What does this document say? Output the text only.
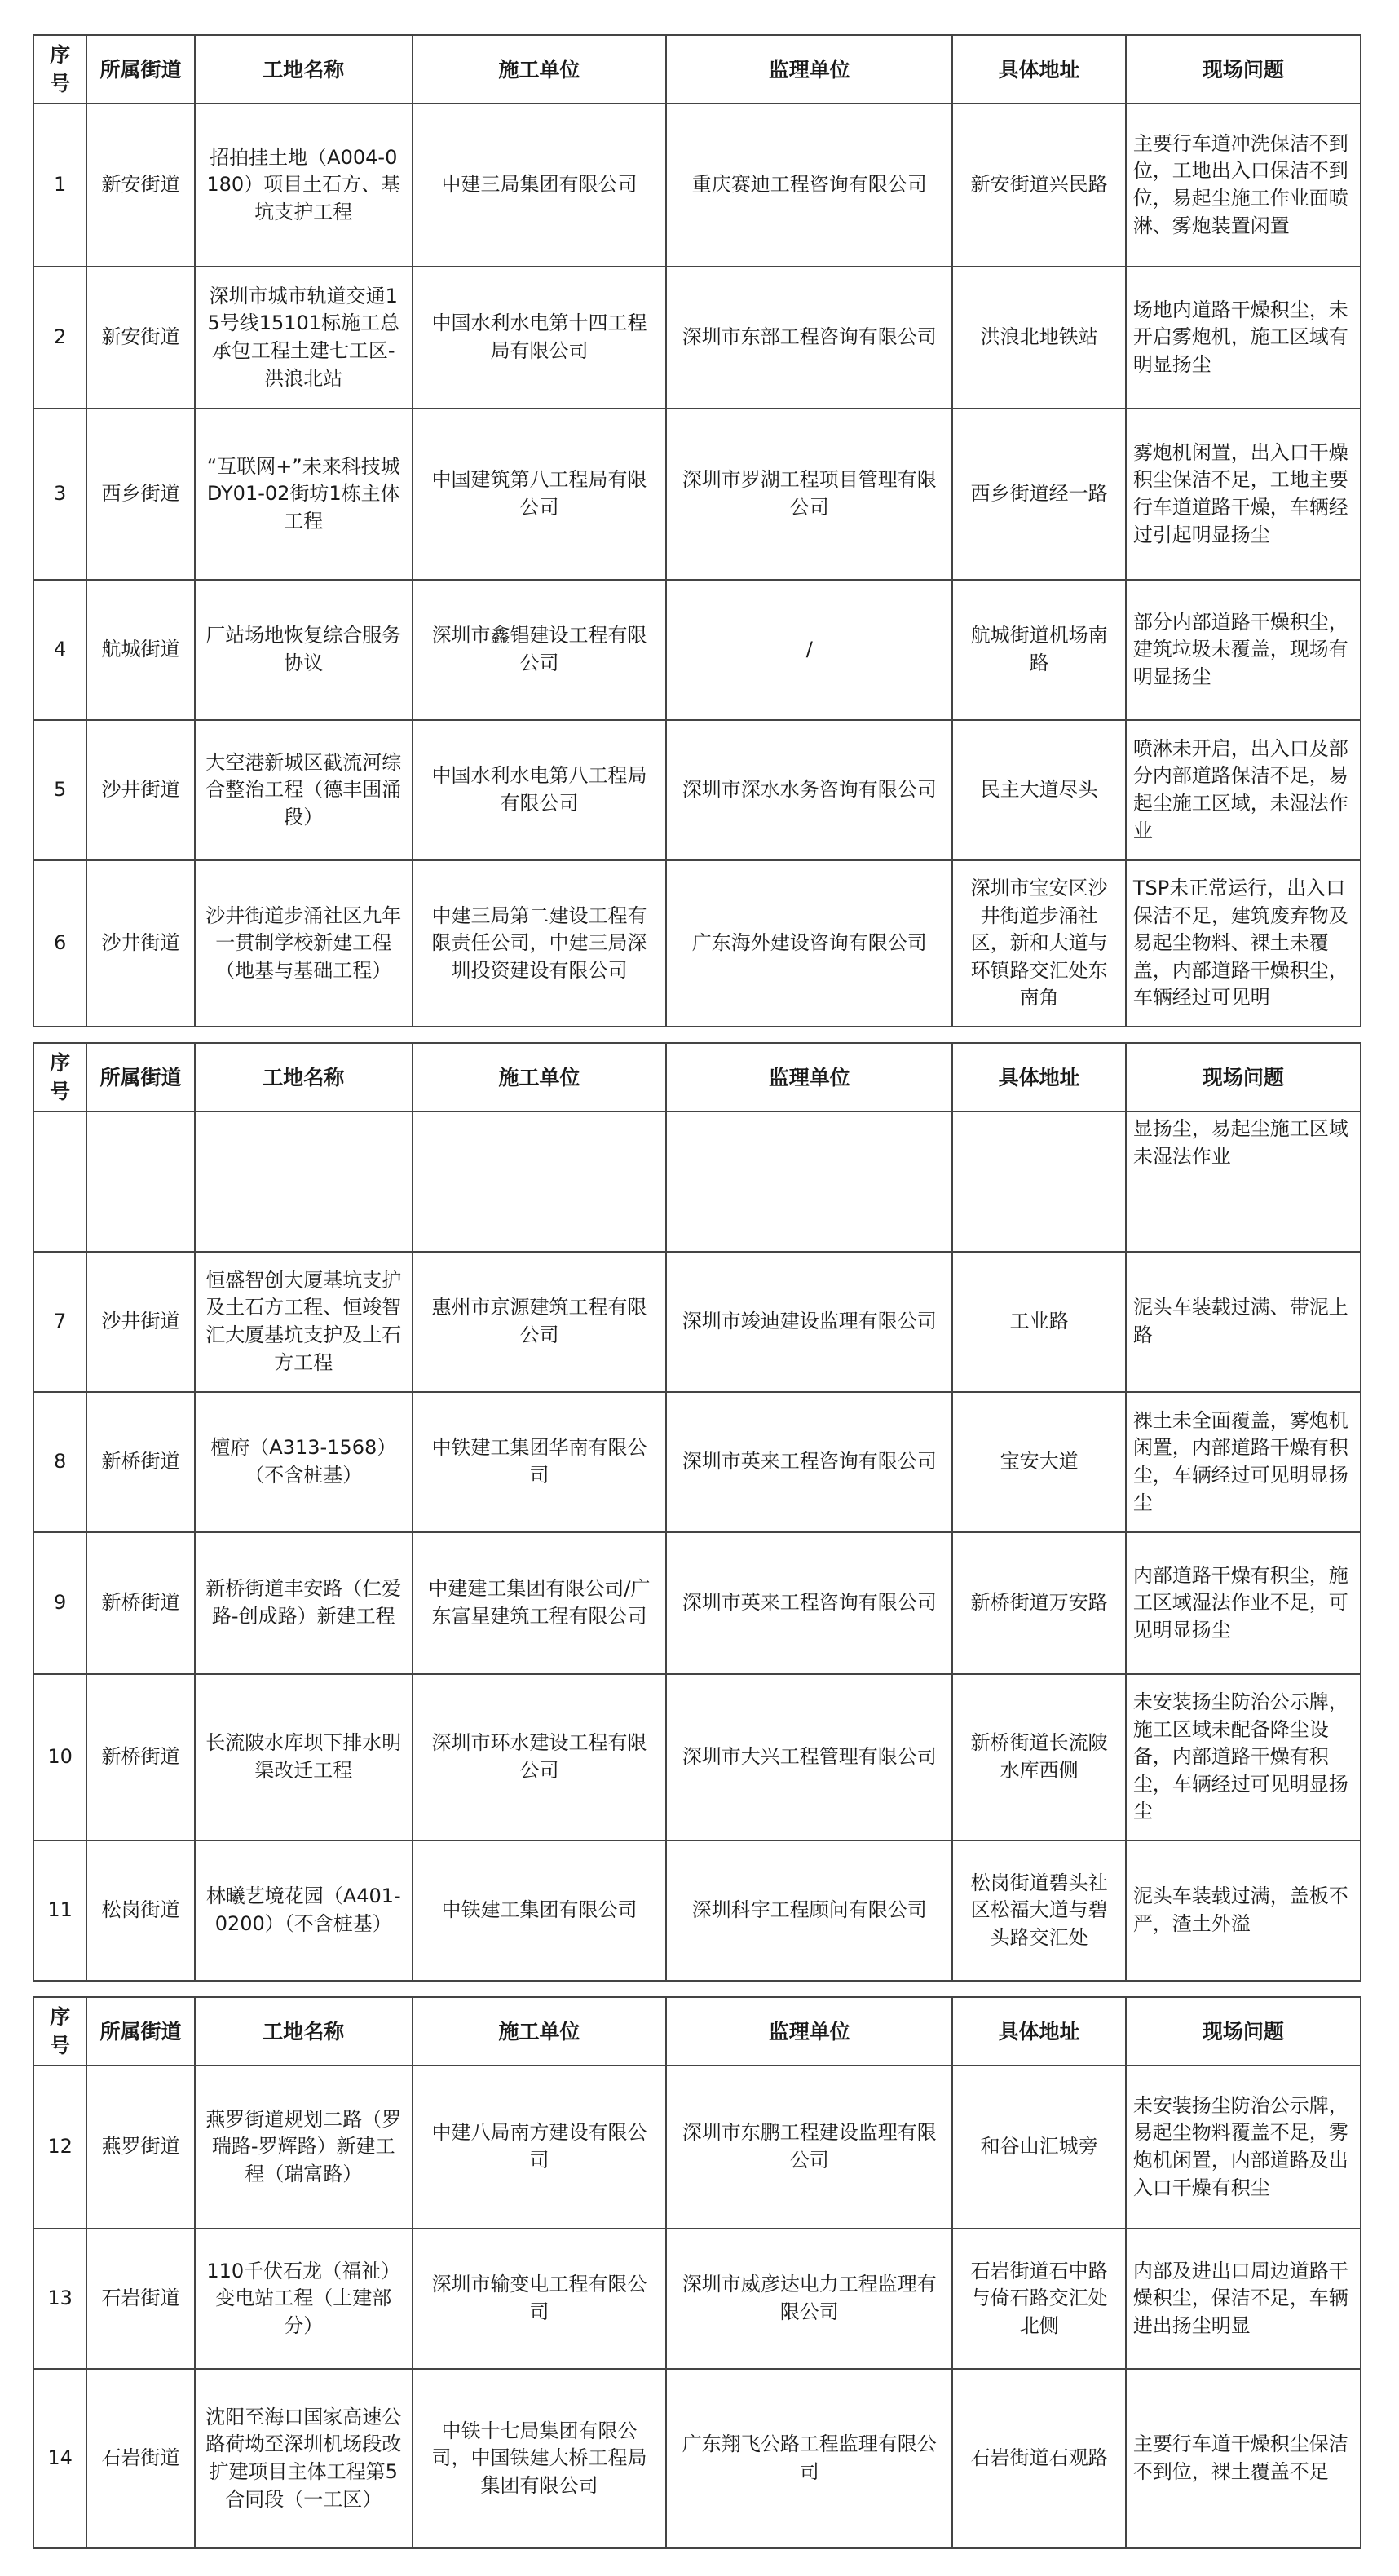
序号	所属街道	工地名称	施工单位	监理单位	具体地址	现场问题
1	新安街道	招拍挂土地（A004-0180）项目土石方、基坑支护工程	中建三局集团有限公司	重庆赛迪工程咨询有限公司	新安街道兴民路	主要行车道冲洗保洁不到位，工地出入口保洁不到位，易起尘施工作业面喷淋、雾炮装置闲置
2	新安街道	深圳市城市轨道交通15号线15101标施工总承包工程土建七工区-洪浪北站	中国水利水电第十四工程局有限公司	深圳市东部工程咨询有限公司	洪浪北地铁站	场地内道路干燥积尘，未开启雾炮机，施工区域有明显扬尘
3	西乡街道	“互联网+”未来科技城DY01-02街坊1栋主体工程	中国建筑第八工程局有限公司	深圳市罗湖工程项目管理有限公司	西乡街道经一路	雾炮机闲置，出入口干燥积尘保洁不足，工地主要行车道道路干燥，车辆经过引起明显扬尘
4	航城街道	厂站场地恢复综合服务协议	深圳市鑫锠建设工程有限公司	/	航城街道机场南路	部分内部道路干燥积尘，建筑垃圾未覆盖，现场有明显扬尘
5	沙井街道	大空港新城区截流河综合整治工程（德丰围涌段）	中国水利水电第八工程局有限公司	深圳市深水水务咨询有限公司	民主大道尽头	喷淋未开启，出入口及部分内部道路保洁不足，易起尘施工区域，未湿法作业
6	沙井街道	沙井街道步涌社区九年一贯制学校新建工程（地基与基础工程）	中建三局第二建设工程有限责任公司，中建三局深圳投资建设有限公司	广东海外建设咨询有限公司	深圳市宝安区沙井街道步涌社区，新和大道与环镇路交汇处东南角	TSP未正常运行，出入口保洁不足，建筑废弃物及易起尘物料、裸土未覆盖，内部道路干燥积尘，车辆经过可见明
序号	所属街道	工地名称	施工单位	监理单位	具体地址	现场问题
						显扬尘，易起尘施工区域未湿法作业
7	沙井街道	恒盛智创大厦基坑支护及土石方工程、恒竣智汇大厦基坑支护及土石方工程	惠州市京源建筑工程有限公司	深圳市竣迪建设监理有限公司	工业路	泥头车装载过满、带泥上路
8	新桥街道	檀府（A313-1568）（不含桩基）	中铁建工集团华南有限公司	深圳市英来工程咨询有限公司	宝安大道	裸土未全面覆盖，雾炮机闲置，内部道路干燥有积尘，车辆经过可见明显扬尘
9	新桥街道	新桥街道丰安路（仁爱路-创成路）新建工程	中建建工集团有限公司/广东富星建筑工程有限公司	深圳市英来工程咨询有限公司	新桥街道万安路	内部道路干燥有积尘，施工区域湿法作业不足，可见明显扬尘
10	新桥街道	长流陂水库坝下排水明渠改迁工程	深圳市环水建设工程有限公司	深圳市大兴工程管理有限公司	新桥街道长流陂水库西侧	未安装扬尘防治公示牌，施工区域未配备降尘设备，内部道路干燥有积尘，车辆经过可见明显扬尘
11	松岗街道	林曦艺境花园（A401-0200）（不含桩基）	中铁建工集团有限公司	深圳科宇工程顾问有限公司	松岗街道碧头社区松福大道与碧头路交汇处	泥头车装载过满，盖板不严，渣土外溢
序号	所属街道	工地名称	施工单位	监理单位	具体地址	现场问题
12	燕罗街道	燕罗街道规划二路（罗瑞路-罗辉路）新建工程（瑞富路）	中建八局南方建设有限公司	深圳市东鹏工程建设监理有限公司	和谷山汇城旁	未安装扬尘防治公示牌，易起尘物料覆盖不足，雾炮机闲置，内部道路及出入口干燥有积尘
13	石岩街道	110千伏石龙（福祉）变电站工程（土建部分）	深圳市输变电工程有限公司	深圳市威彦达电力工程监理有限公司	石岩街道石中路与倚石路交汇处北侧	内部及进出口周边道路干燥积尘，保洁不足，车辆进出扬尘明显
14	石岩街道	沈阳至海口国家高速公路荷坳至深圳机场段改扩建项目主体工程第5合同段（一工区）	中铁十七局集团有限公司，中国铁建大桥工程局集团有限公司	广东翔飞公路工程监理有限公司	石岩街道石观路	主要行车道干燥积尘保洁不到位，裸土覆盖不足
